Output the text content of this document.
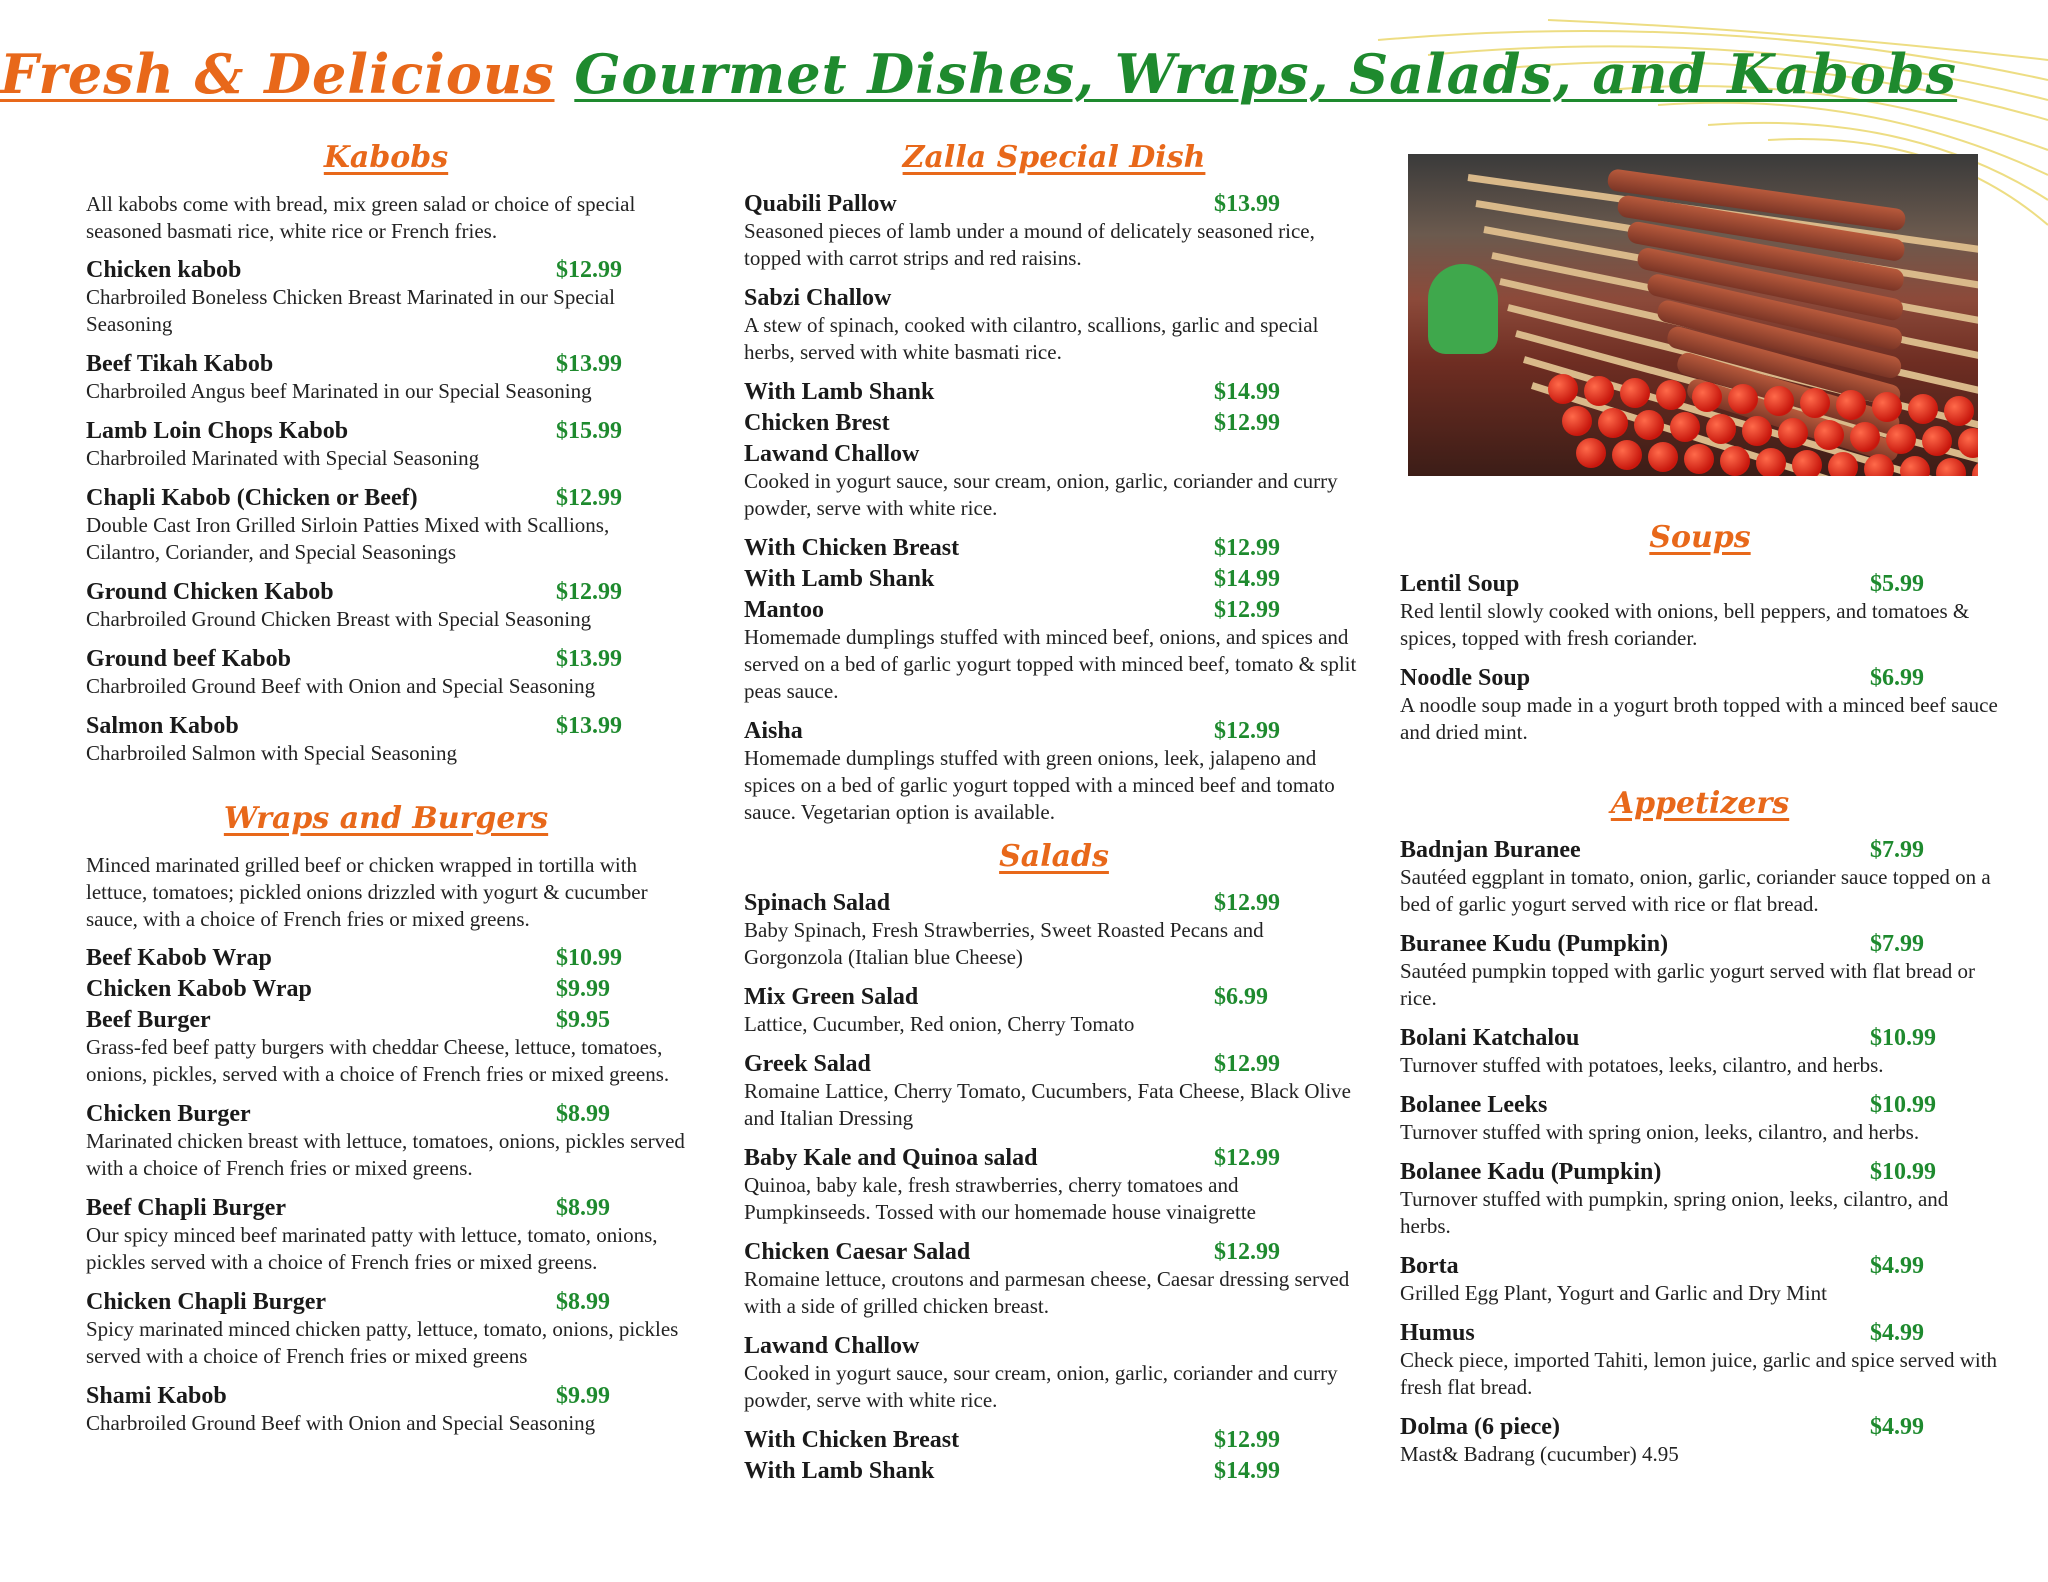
Fresh & Delicious Gourmet Dishes, Wraps, Salads, and Kabobs
Kabobs
All kabobs come with bread, mix green salad or choice of special seasoned basmati rice, white rice or French fries.
Chicken kabob	$12.99
Charbroiled Boneless Chicken Breast Marinated in our Special Seasoning
Beef Tikah Kabob	$13.99
Charbroiled Angus beef Marinated in our Special Seasoning
Lamb Loin Chops Kabob	$15.99
Charbroiled Marinated with Special Seasoning
Chapli Kabob (Chicken or Beef)	$12.99
Double Cast Iron Grilled Sirloin Patties Mixed with Scallions, Cilantro, Coriander, and Special Seasonings
Ground Chicken Kabob	$12.99
Charbroiled Ground Chicken Breast with Special Seasoning
Ground beef Kabob	$13.99
Charbroiled Ground Beef with Onion and Special Seasoning
Salmon Kabob	$13.99
Charbroiled Salmon with Special Seasoning
Wraps and Burgers
Minced marinated grilled beef or chicken wrapped in tortilla with lettuce, tomatoes; pickled onions drizzled with yogurt & cucumber sauce, with a choice of French fries or mixed greens.
Beef Kabob Wrap	$10.99
Chicken Kabob Wrap	$9.99
Beef Burger	$9.95
Grass-fed beef patty burgers with cheddar Cheese, lettuce, tomatoes, onions, pickles, served with a choice of French fries or mixed greens.
Chicken Burger	$8.99
Marinated chicken breast with lettuce, tomatoes, onions, pickles served with a choice of French fries or mixed greens.
Beef Chapli Burger	$8.99
Our spicy minced beef marinated patty with lettuce, tomato, onions, pickles served with a choice of French fries or mixed greens.
Chicken Chapli Burger	$8.99
Spicy marinated minced chicken patty, lettuce, tomato, onions, pickles served with a choice of French fries or mixed greens
Shami Kabob	$9.99
Charbroiled Ground Beef with Onion and Special Seasoning
Zalla Special Dish
Quabili Pallow	$13.99
Seasoned pieces of lamb under a mound of delicately seasoned rice, topped with carrot strips and red raisins.
Sabzi Challow
A stew of spinach, cooked with cilantro, scallions, garlic and special herbs, served with white basmati rice.
With Lamb Shank	$14.99
Chicken Brest	$12.99
Lawand Challow
Cooked in yogurt sauce, sour cream, onion, garlic, coriander and curry powder, serve with white rice.
With Chicken Breast	$12.99
With Lamb Shank	$14.99
Mantoo	$12.99
Homemade dumplings stuffed with minced beef, onions, and spices and served on a bed of garlic yogurt topped with minced beef, tomato & split peas sauce.
Aisha	$12.99
Homemade dumplings stuffed with green onions, leek, jalapeno and spices on a bed of garlic yogurt topped with a minced beef and tomato sauce. Vegetarian option is available.
Salads
Spinach Salad	$12.99
Baby Spinach, Fresh Strawberries, Sweet Roasted Pecans and Gorgonzola (Italian blue Cheese)
Mix Green Salad	$6.99
Lattice, Cucumber, Red onion, Cherry Tomato
Greek Salad	$12.99
Romaine Lattice, Cherry Tomato, Cucumbers, Fata Cheese, Black Olive and Italian Dressing
Baby Kale and Quinoa salad	$12.99
Quinoa, baby kale, fresh strawberries, cherry tomatoes and Pumpkinseeds. Tossed with our homemade house vinaigrette
Chicken Caesar Salad	$12.99
Romaine lettuce, croutons and parmesan cheese, Caesar dressing served with a side of grilled chicken breast.
Lawand Challow
Cooked in yogurt sauce, sour cream, onion, garlic, coriander and curry powder, serve with white rice.
With Chicken Breast	$12.99
With Lamb Shank	$14.99
Soups
Lentil Soup	$5.99
Red lentil slowly cooked with onions, bell peppers, and tomatoes & spices, topped with fresh coriander.
Noodle Soup	$6.99
A noodle soup made in a yogurt broth topped with a minced beef sauce and dried mint.
Appetizers
Badnjan Buranee	$7.99
Sautéed eggplant in tomato, onion, garlic, coriander sauce topped on a bed of garlic yogurt served with rice or flat bread.
Buranee Kudu (Pumpkin)	$7.99
Sautéed pumpkin topped with garlic yogurt served with flat bread or rice.
Bolani Katchalou	$10.99
Turnover stuffed with potatoes, leeks, cilantro, and herbs.
Bolanee Leeks	$10.99
Turnover stuffed with spring onion, leeks, cilantro, and herbs.
Bolanee Kadu (Pumpkin)	$10.99
Turnover stuffed with pumpkin, spring onion, leeks, cilantro, and herbs.
Borta	$4.99
Grilled Egg Plant, Yogurt and Garlic and Dry Mint
Humus	$4.99
Check piece, imported Tahiti, lemon juice, garlic and spice served with fresh flat bread.
Dolma (6 piece)	$4.99
Mast& Badrang (cucumber) 4.95
